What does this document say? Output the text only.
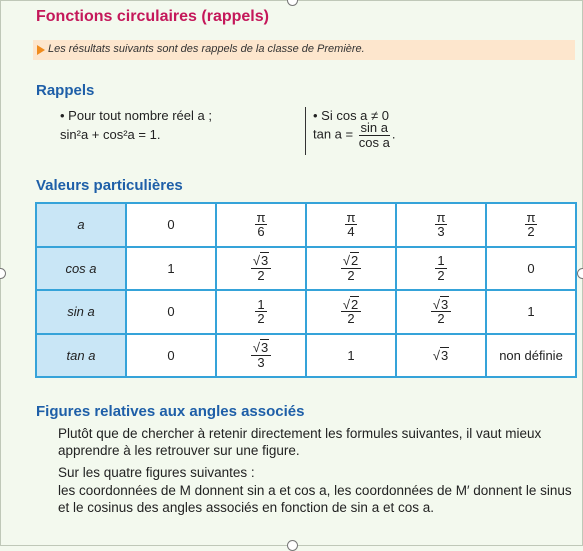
Fonctions circulaires (rappels)
Les résultats suivants sont des rappels de la classe de Première.
Rappels
• Pour tout nombre réel a ;
sin²a + cos²a = 1.
• Si cos a ≠ 0
$\tan a = \frac{\text{sin a}}{\text{cos a}}$ .
Valeurs particulières
a	0	$\frac{\pi}{6}$	$\frac{\pi}{4}$	$\frac{\pi}{3}$	$\frac{\pi}{2}$

cos a	1	$\frac{√3}{2}$	$\frac{√2}{2}$	$\frac{1}{2}$	0
sin a	0	$\frac{1}{2}$	$\frac{√2}{2}$	$\frac{√3}{2}$	1
tan a	0	$\frac{√3}{3}$	1	√3	non définie
Figures relatives aux angles associés

Plutôt que de chercher à retenir directement les formules suivantes, il vaut mieux apprendre à les retrouver sur une figure.

Sur les quatre figures suivantes :

les coordonnées de M donnent sin a et cos a, les coordonnées de M′ donnent le sinus et le cosinus des angles associés en fonction de sin a et cos a.
